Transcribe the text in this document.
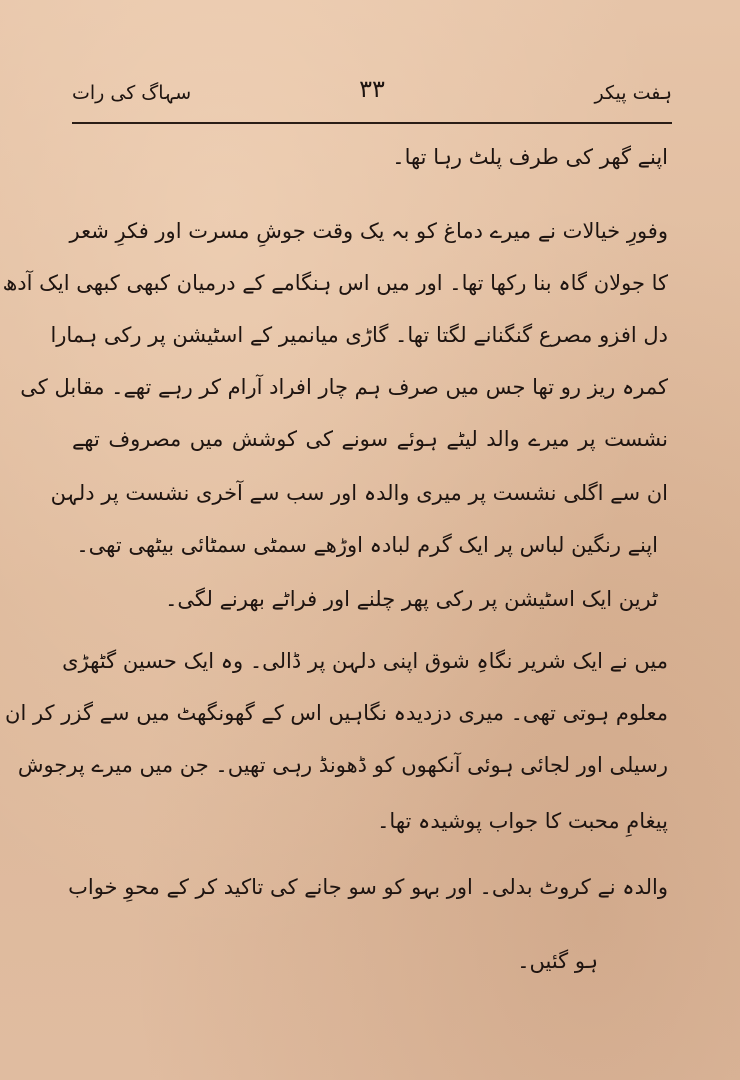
ہفت پیکر
۳۳
سہاگ کی رات
اپنے گھر کی طرف پلٹ رہا تھا۔
وفورِ خیالات نے میرے دماغ کو بہ یک وقت جوشِ مسرت اور فکرِ شعر
کا جولان گاہ بنا رکھا تھا۔ اور میں اس ہنگامے کے درمیان کبھی کبھی ایک آدھ
دل افزو مصرع گنگنانے لگتا تھا۔ گاڑی میانمیر کے اسٹیشن پر رکی ہمارا
کمرہ ریز رو تھا جس میں صرف ہم چار افراد آرام کر رہے تھے۔ مقابل کی
نشست پر میرے والد لیٹے ہوئے سونے کی کوشش میں مصروف تھے
ان سے اگلی نشست پر میری والدہ اور سب سے آخری نشست پر دلہن
اپنے رنگین لباس پر ایک گرم لبادہ اوڑھے سمٹی سمٹائی بیٹھی تھی۔
ٹرین ایک اسٹیشن پر رکی پھر چلنے اور فراٹے بھرنے لگی۔
میں نے ایک شریر نگاہِ شوق اپنی دلہن پر ڈالی۔ وہ ایک حسین گٹھڑی
معلوم ہوتی تھی۔ میری دزدیدہ نگاہیں اس کے گھونگھٹ میں سے گزر کر ان
رسیلی اور لجائی ہوئی آنکھوں کو ڈھونڈ رہی تھیں۔ جن میں میرے پرجوش
پیغامِ محبت کا جواب پوشیدہ تھا۔
والدہ نے کروٹ بدلی۔ اور بہو کو سو جانے کی تاکید کر کے محوِ خواب
ہو گئیں۔
